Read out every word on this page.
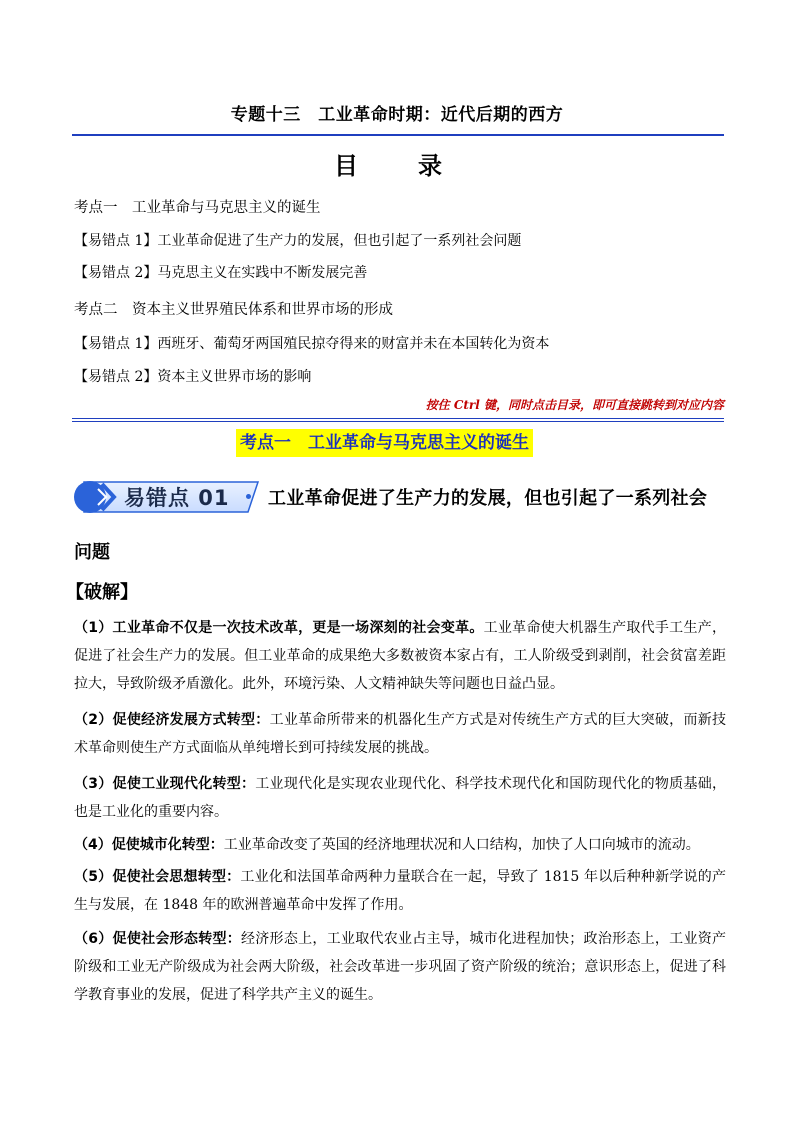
专题十三　工业革命时期：近代后期的西方
目　录
考点一　工业革命与马克思主义的诞生
【易错点 1】工业革命促进了生产力的发展，但也引起了一系列社会问题
【易错点 2】马克思主义在实践中不断发展完善
考点二　资本主义世界殖民体系和世界市场的形成
【易错点 1】西班牙、葡萄牙两国殖民掠夺得来的财富并未在本国转化为资本
【易错点 2】资本主义世界市场的影响
按住 Ctrl 键，同时点击目录，即可直接跳转到对应内容
考点一　工业革命与马克思主义的诞生
易错点 01 工业革命促进了生产力的发展，但也引起了一系列社会
问题
【破解】
（1）工业革命不仅是一次技术改革，更是一场深刻的社会变革。工业革命使大机器生产取代手工生产，促进了社会生产力的发展。但工业革命的成果绝大多数被资本家占有，工人阶级受到剥削，社会贫富差距拉大，导致阶级矛盾激化。此外，环境污染、人文精神缺失等问题也日益凸显。
（2）促使经济发展方式转型：工业革命所带来的机器化生产方式是对传统生产方式的巨大突破，而新技术革命则使生产方式面临从单纯增长到可持续发展的挑战。
（3）促使工业现代化转型：工业现代化是实现农业现代化、科学技术现代化和国防现代化的物质基础，也是工业化的重要内容。
（4）促使城市化转型：工业革命改变了英国的经济地理状况和人口结构，加快了人口向城市的流动。
（5）促使社会思想转型：工业化和法国革命两种力量联合在一起，导致了 1815 年以后种种新学说的产生与发展，在 1848 年的欧洲普遍革命中发挥了作用。
（6）促使社会形态转型：经济形态上，工业取代农业占主导，城市化进程加快；政治形态上，工业资产阶级和工业无产阶级成为社会两大阶级，社会改革进一步巩固了资产阶级的统治；意识形态上，促进了科学教育事业的发展，促进了科学共产主义的诞生。
